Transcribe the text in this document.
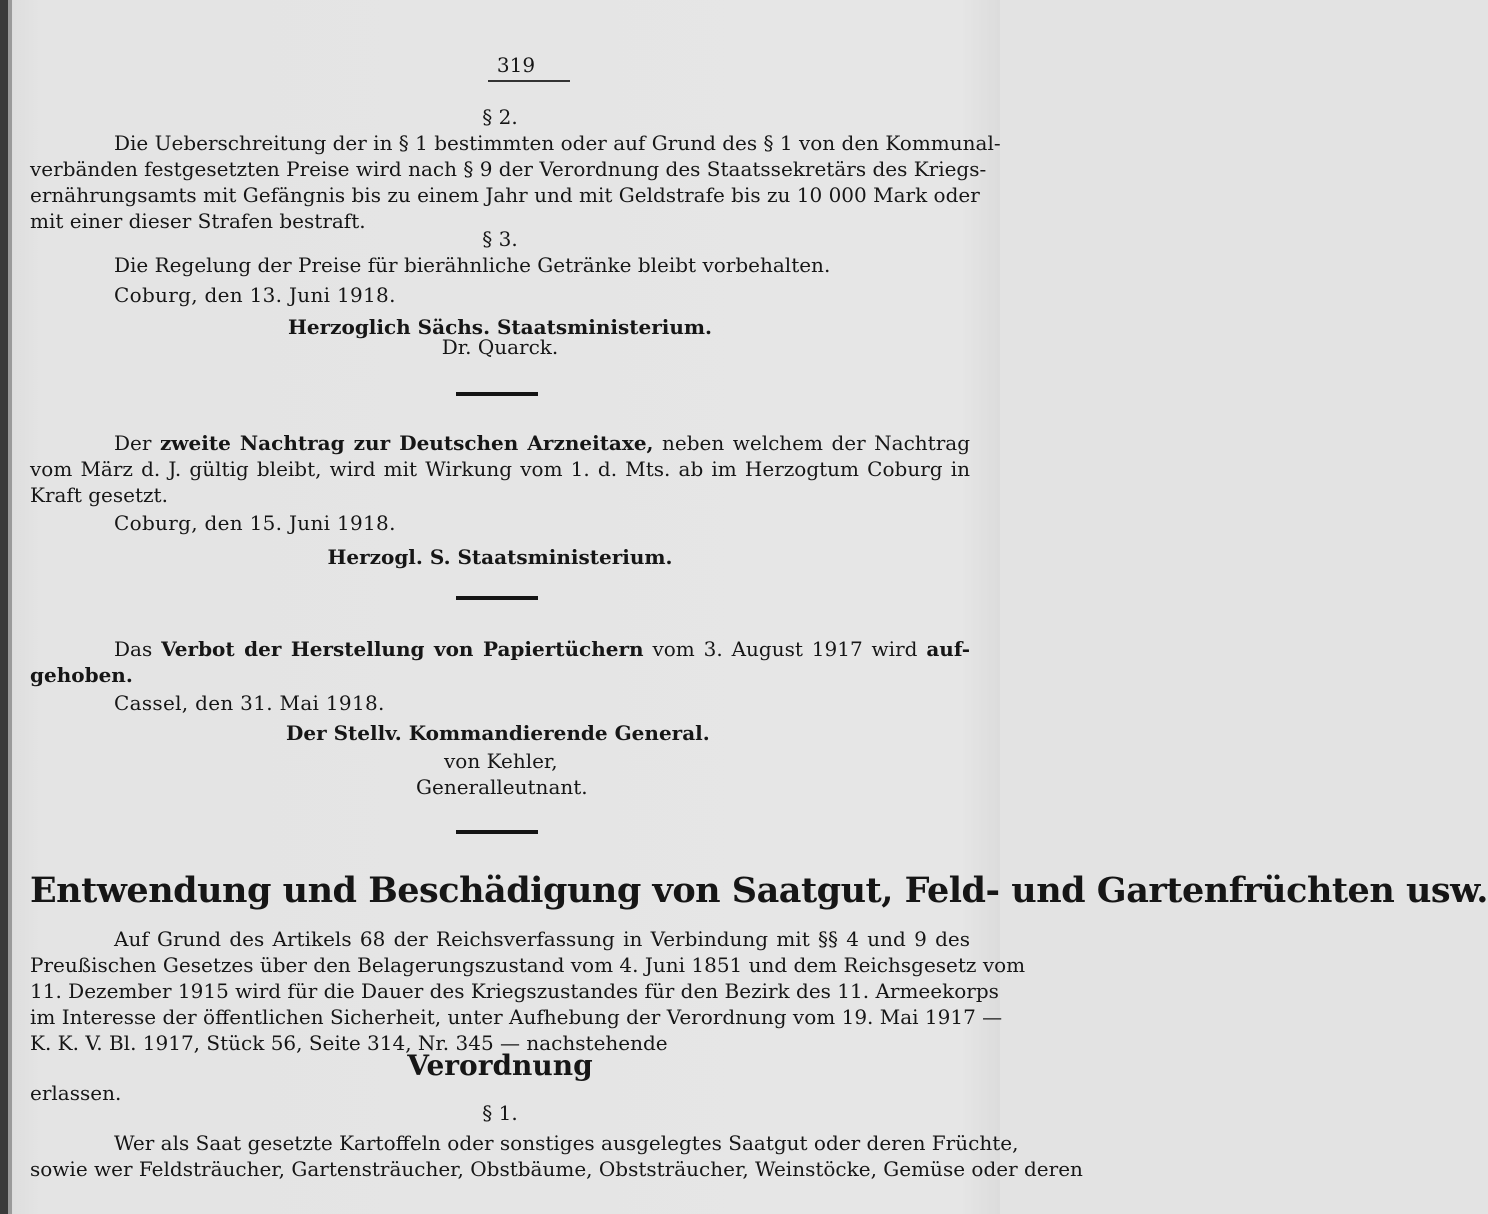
319
§ 2.
Die Ueberschreitung der in § 1 bestimmten oder auf Grund des § 1 von den Kommunal-
verbänden festgesetzten Preise wird nach § 9 der Verordnung des Staatssekretärs des Kriegs-
ernährungsamts mit Gefängnis bis zu einem Jahr und mit Geldstrafe bis zu 10 000 Mark oder
mit einer dieser Strafen bestraft.
§ 3.
Die Regelung der Preise für bierähnliche Getränke bleibt vorbehalten.
Coburg, den 13. Juni 1918.
Herzoglich Sächs. Staatsministerium.
Dr. Quarck.
Der zweite Nachtrag zur Deutschen Arzneitaxe, neben welchem der Nachtrag
vom März d. J. gültig bleibt, wird mit Wirkung vom 1. d. Mts. ab im Herzogtum Coburg in
Kraft gesetzt.
Coburg, den 15. Juni 1918.
Herzogl. S. Staatsministerium.
Das Verbot der Herstellung von Papiertüchern vom 3. August 1917 wird auf-
gehoben.
Cassel, den 31. Mai 1918.
Der Stellv. Kommandierende General.
von Kehler,
Generalleutnant.
Entwendung und Beschädigung von Saatgut, Feld- und Gartenfrüchten usw.
Auf Grund des Artikels 68 der Reichsverfassung in Verbindung mit §§ 4 und 9 des
Preußischen Gesetzes über den Belagerungszustand vom 4. Juni 1851 und dem Reichsgesetz vom
11. Dezember 1915 wird für die Dauer des Kriegszustandes für den Bezirk des 11. Armeekorps
im Interesse der öffentlichen Sicherheit, unter Aufhebung der Verordnung vom 19. Mai 1917 —
K. K. V. Bl. 1917, Stück 56, Seite 314, Nr. 345 — nachstehende
Verordnung
erlassen.
§ 1.
Wer als Saat gesetzte Kartoffeln oder sonstiges ausgelegtes Saatgut oder deren Früchte,
sowie wer Feldsträucher, Gartensträucher, Obstbäume, Obststräucher, Weinstöcke, Gemüse oder deren
